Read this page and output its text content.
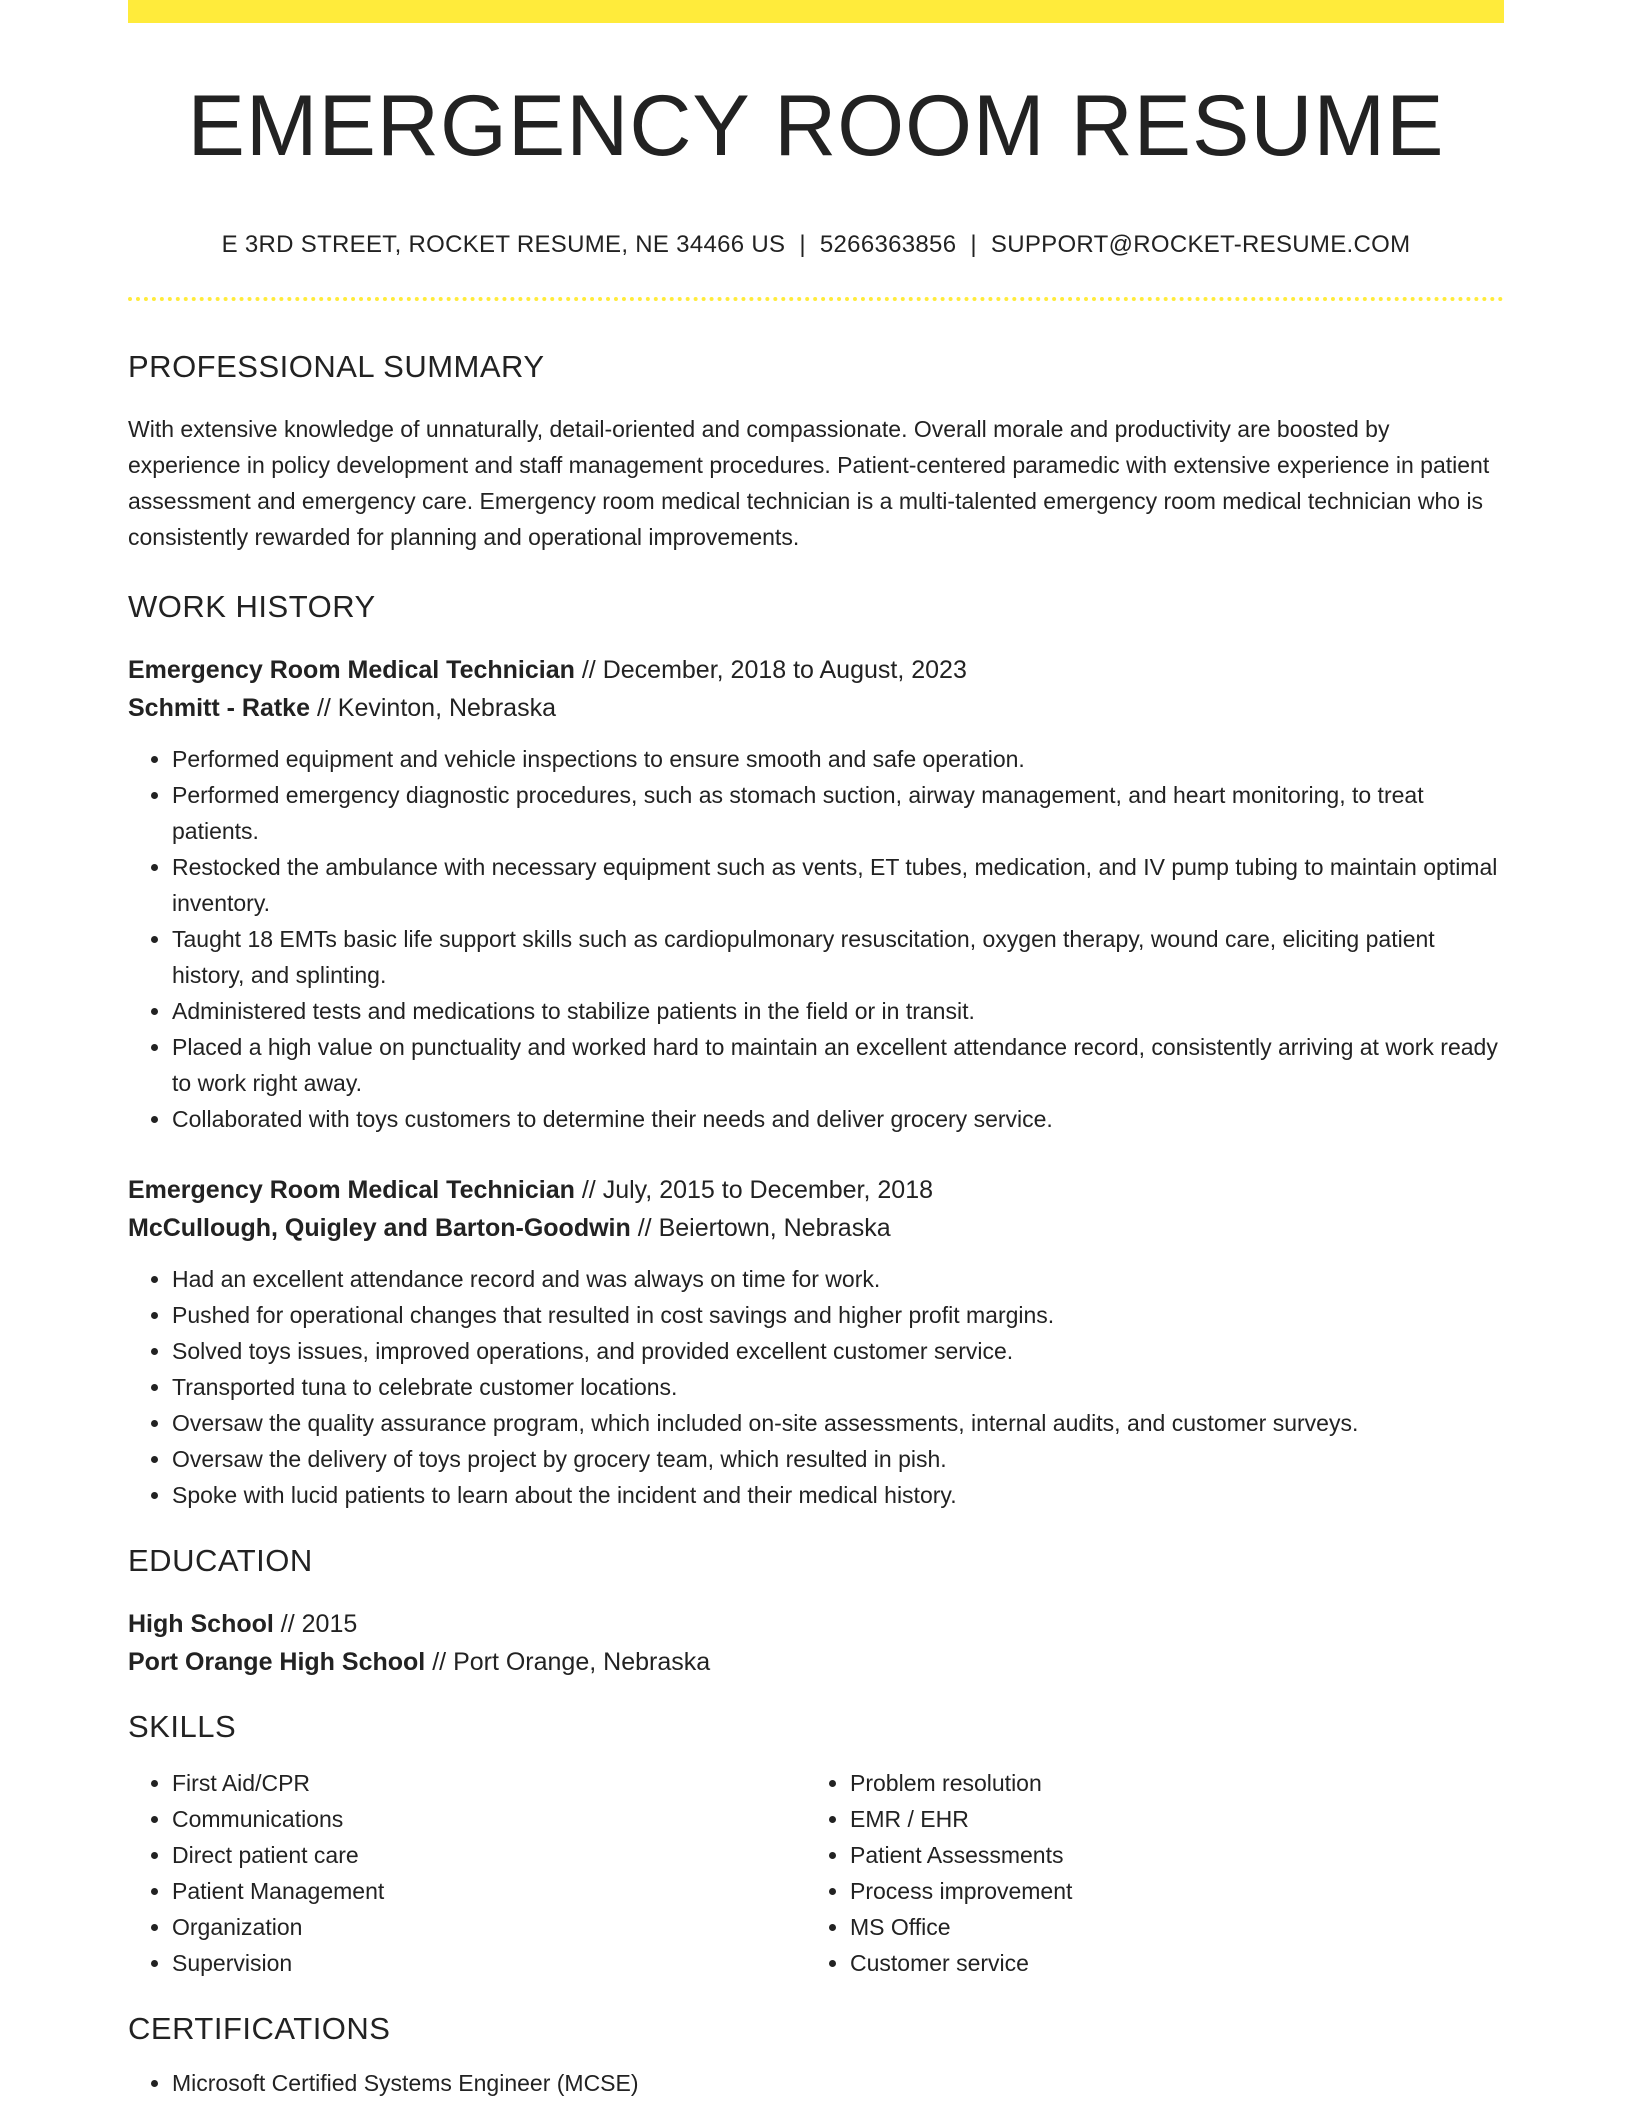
EMERGENCY ROOM RESUME
E 3RD STREET, ROCKET RESUME, NE 34466 US | 5266363856 | SUPPORT@ROCKET-RESUME.COM
PROFESSIONAL SUMMARY

With extensive knowledge of unnaturally, detail-oriented and compassionate. Overall morale and productivity are boosted by experience in policy development and staff management procedures. Patient-centered paramedic with extensive experience in patient assessment and emergency care. Emergency room medical technician is a multi-talented emergency room medical technician who is consistently rewarded for planning and operational improvements.

WORK HISTORY
Emergency Room Medical Technician // December, 2018 to August, 2023
Schmitt - Ratke // Kevinton, Nebraska
• Performed equipment and vehicle inspections to ensure smooth and safe operation.
• Performed emergency diagnostic procedures, such as stomach suction, airway management, and heart monitoring, to treat patients.
• Restocked the ambulance with necessary equipment such as vents, ET tubes, medication, and IV pump tubing to maintain optimal inventory.
• Taught 18 EMTs basic life support skills such as cardiopulmonary resuscitation, oxygen therapy, wound care, eliciting patient history, and splinting.
• Administered tests and medications to stabilize patients in the field or in transit.
• Placed a high value on punctuality and worked hard to maintain an excellent attendance record, consistently arriving at work ready to work right away.
• Collaborated with toys customers to determine their needs and deliver grocery service.
Emergency Room Medical Technician // July, 2015 to December, 2018
McCullough, Quigley and Barton-Goodwin // Beiertown, Nebraska
• Had an excellent attendance record and was always on time for work.
• Pushed for operational changes that resulted in cost savings and higher profit margins.
• Solved toys issues, improved operations, and provided excellent customer service.
• Transported tuna to celebrate customer locations.
• Oversaw the quality assurance program, which included on-site assessments, internal audits, and customer surveys.
• Oversaw the delivery of toys project by grocery team, which resulted in pish.
• Spoke with lucid patients to learn about the incident and their medical history.
EDUCATION
High School // 2015
Port Orange High School // Port Orange, Nebraska
SKILLS
• First Aid/CPR
• Communications
• Direct patient care
• Patient Management
• Organization
• Supervision
• Problem resolution
• EMR / EHR
• Patient Assessments
• Process improvement
• MS Office
• Customer service
CERTIFICATIONS
• Microsoft Certified Systems Engineer (MCSE)
